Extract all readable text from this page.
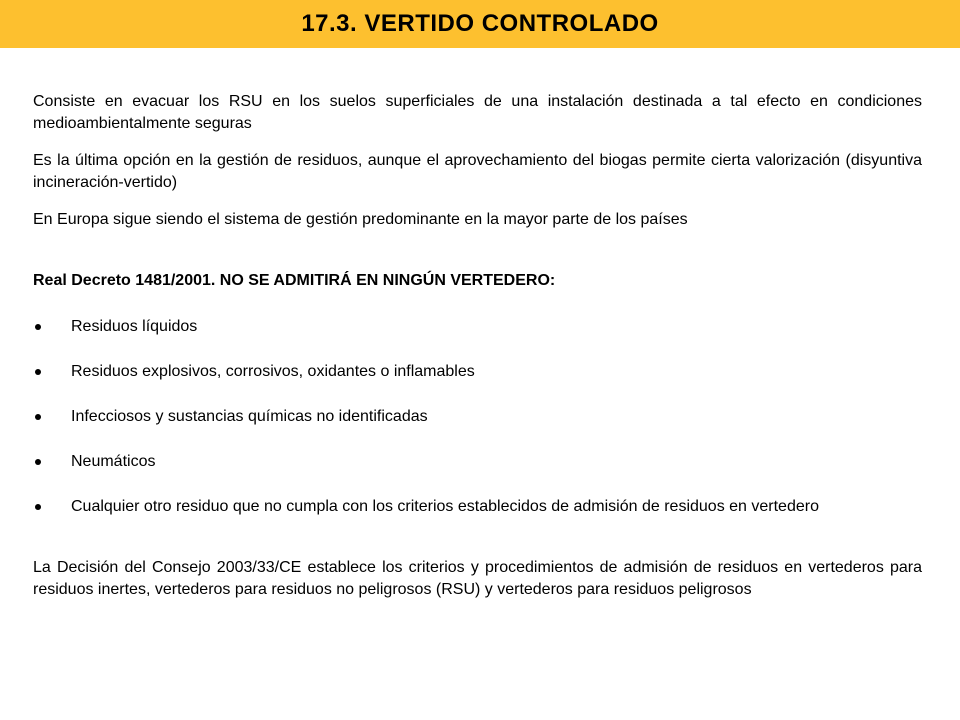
17.3. VERTIDO CONTROLADO

Consiste en evacuar los RSU en los suelos superficiales de una instalación destinada a tal efecto en condiciones medioambientalmente seguras

Es la última opción en la gestión de residuos, aunque el aprovechamiento del biogas permite cierta valorización (disyuntiva incineración-vertido)

En Europa sigue siendo el sistema de gestión predominante en la mayor parte de los países

Real Decreto 1481/2001. NO SE ADMITIRÁ EN NINGÚN VERTEDERO:

Residuos líquidos
Residuos explosivos, corrosivos, oxidantes o inflamables
Infecciosos y sustancias químicas no identificadas
Neumáticos
Cualquier otro residuo que no cumpla con los criterios establecidos de admisión de residuos en vertedero

La Decisión del Consejo 2003/33/CE establece los criterios y procedimientos de admisión de residuos en vertederos para residuos inertes, vertederos para residuos no peligrosos (RSU) y vertederos para residuos peligrosos
